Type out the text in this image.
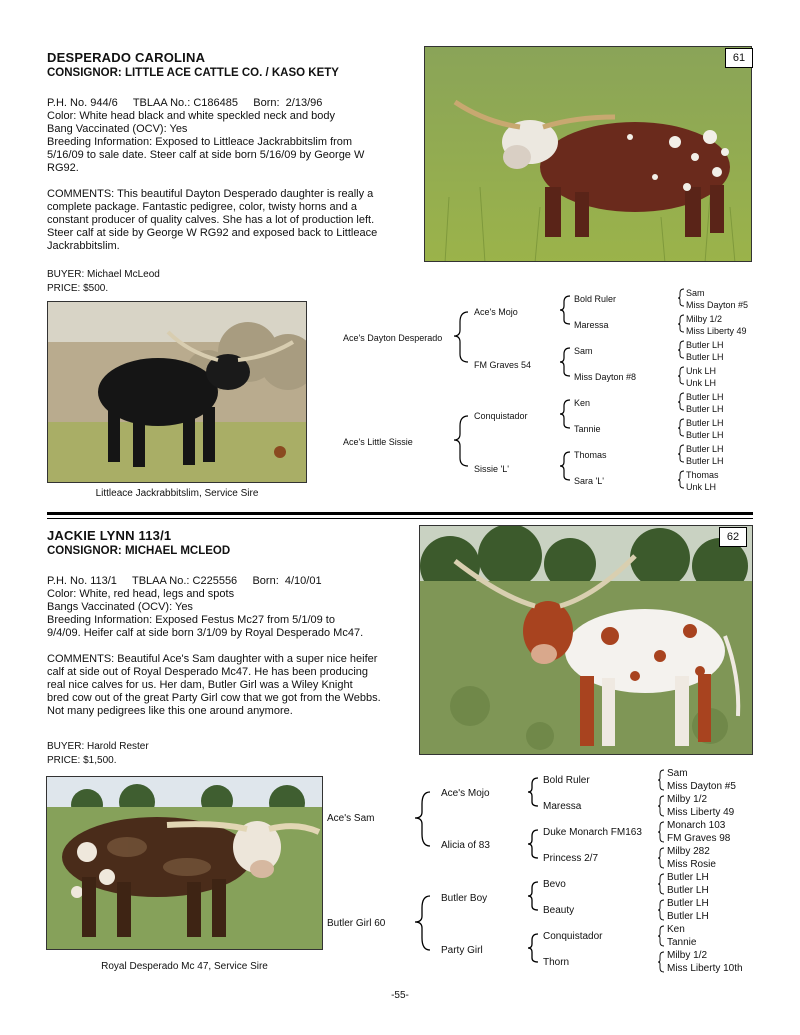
DESPERADO CAROLINA
CONSIGNOR: LITTLE ACE CATTLE CO. / KASO KETY
P.H. No. 944/6     TBLAA No.: C186485     Born:  2/13/96
Color: White head black and white speckled neck and body
Bang Vaccinated (OCV): Yes
Breeding Information: Exposed to Littleace Jackrabbitslim from
5/16/09 to sale date. Steer calf at side born 5/16/09 by George W
RG92.
COMMENTS: This beautiful Dayton Desperado daughter is really a
complete package. Fantastic pedigree, color, twisty horns and a
constant producer of quality calves. She has a lot of production left.
Steer calf at side by George W RG92 and exposed back to Littleace
Jackrabbitslim.
BUYER: Michael McLeod
PRICE: $500.
61
Littleace Jackrabbitslim, Service Sire
Ace's Dayton Desperado
Ace's Little Sissie
Ace's Mojo
FM Graves 54
Conquistador
Sissie 'L'
Bold Ruler
Maressa
Sam
Miss Dayton #8
Ken
Tannie
Thomas
Sara 'L'
Sam
Miss Dayton #5
Milby 1/2
Miss Liberty 49
Butler LH
Butler LH
Unk LH
Unk LH
Butler LH
Butler LH
Butler LH
Butler LH
Butler LH
Butler LH
Thomas
Unk LH
JACKIE LYNN 113/1
CONSIGNOR: MICHAEL MCLEOD
P.H. No. 113/1     TBLAA No.: C225556     Born:  4/10/01
Color: White, red head, legs and spots
Bangs Vaccinated (OCV): Yes
Breeding Information: Exposed Festus Mc27 from 5/1/09 to
9/4/09. Heifer calf at side born 3/1/09 by Royal Desperado Mc47.
COMMENTS: Beautiful Ace's Sam daughter with a super nice heifer
calf at side out of Royal Desperado Mc47. He has been producing
real nice calves for us. Her dam, Butler Girl was a Wiley Knight
bred cow out of the great Party Girl cow that we got from the Webbs.
Not many pedigrees like this one around anymore.
BUYER: Harold Rester
PRICE: $1,500.
62
Royal Desperado Mc 47, Service Sire
Ace's Sam
Butler Girl 60
Ace's Mojo
Alicia of 83
Butler Boy
Party Girl
Bold Ruler
Maressa
Duke Monarch FM163
Princess 2/7
Bevo
Beauty
Conquistador
Thorn
Sam
Miss Dayton #5
Milby 1/2
Miss Liberty 49
Monarch 103
FM Graves 98
Milby 282
Miss Rosie
Butler LH
Butler LH
Butler LH
Butler LH
Ken
Tannie
Milby 1/2
Miss Liberty 10th
-55-
